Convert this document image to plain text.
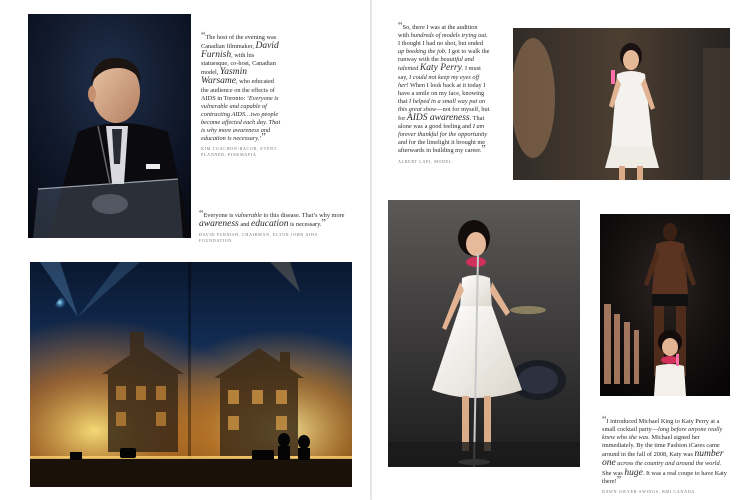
“The host of the evening was Canadian filmmaker, David Furnish, with his statuesque, co-host, Canadian model, Yasmin Warsame, who educated the audience on the effects of AIDS in Toronto: ‘Everyone is vulnerable and capable of contracting AIDS…two people become affected each day. That is why more awareness and education is necessary.’”

KIM CUACHON-BACOR, EVENT PLANNER, PINKMAFIA

“Everyone is vulnerable to this disease. That’s why more awareness and education is necessary.”

DAVID FURNISH, CHAIRMAN, ELTON JOHN AIDS FOUNDATION

“So, there I was at the audition with hundreds of models trying out. I thought I had no shot, but ended up booking the job. I got to walk the runway with the beautiful and talented Katy Perry. I must say, I could not keep my eyes off her! When I look back at it today I have a smile on my face, knowing that I helped in a small way put on this great show—not for myself, but for AIDS awareness. That alone was a good feeling and I am forever thankful for the opportunity and for the limelight it brought me afterwards in building my career.”

ALBERT LAPI, MODEL

“I introduced Michael King to Katy Perry at a small cocktail party—long before anyone really knew who she was. Michael signed her immediately. By the time Fashion iCares came around in the fall of 2008, Katy was number one across the country and around the world. She was huge. It was a real coupe to have Katy there!”

DAWN OWYER-SWINGS, BMI CANADA
